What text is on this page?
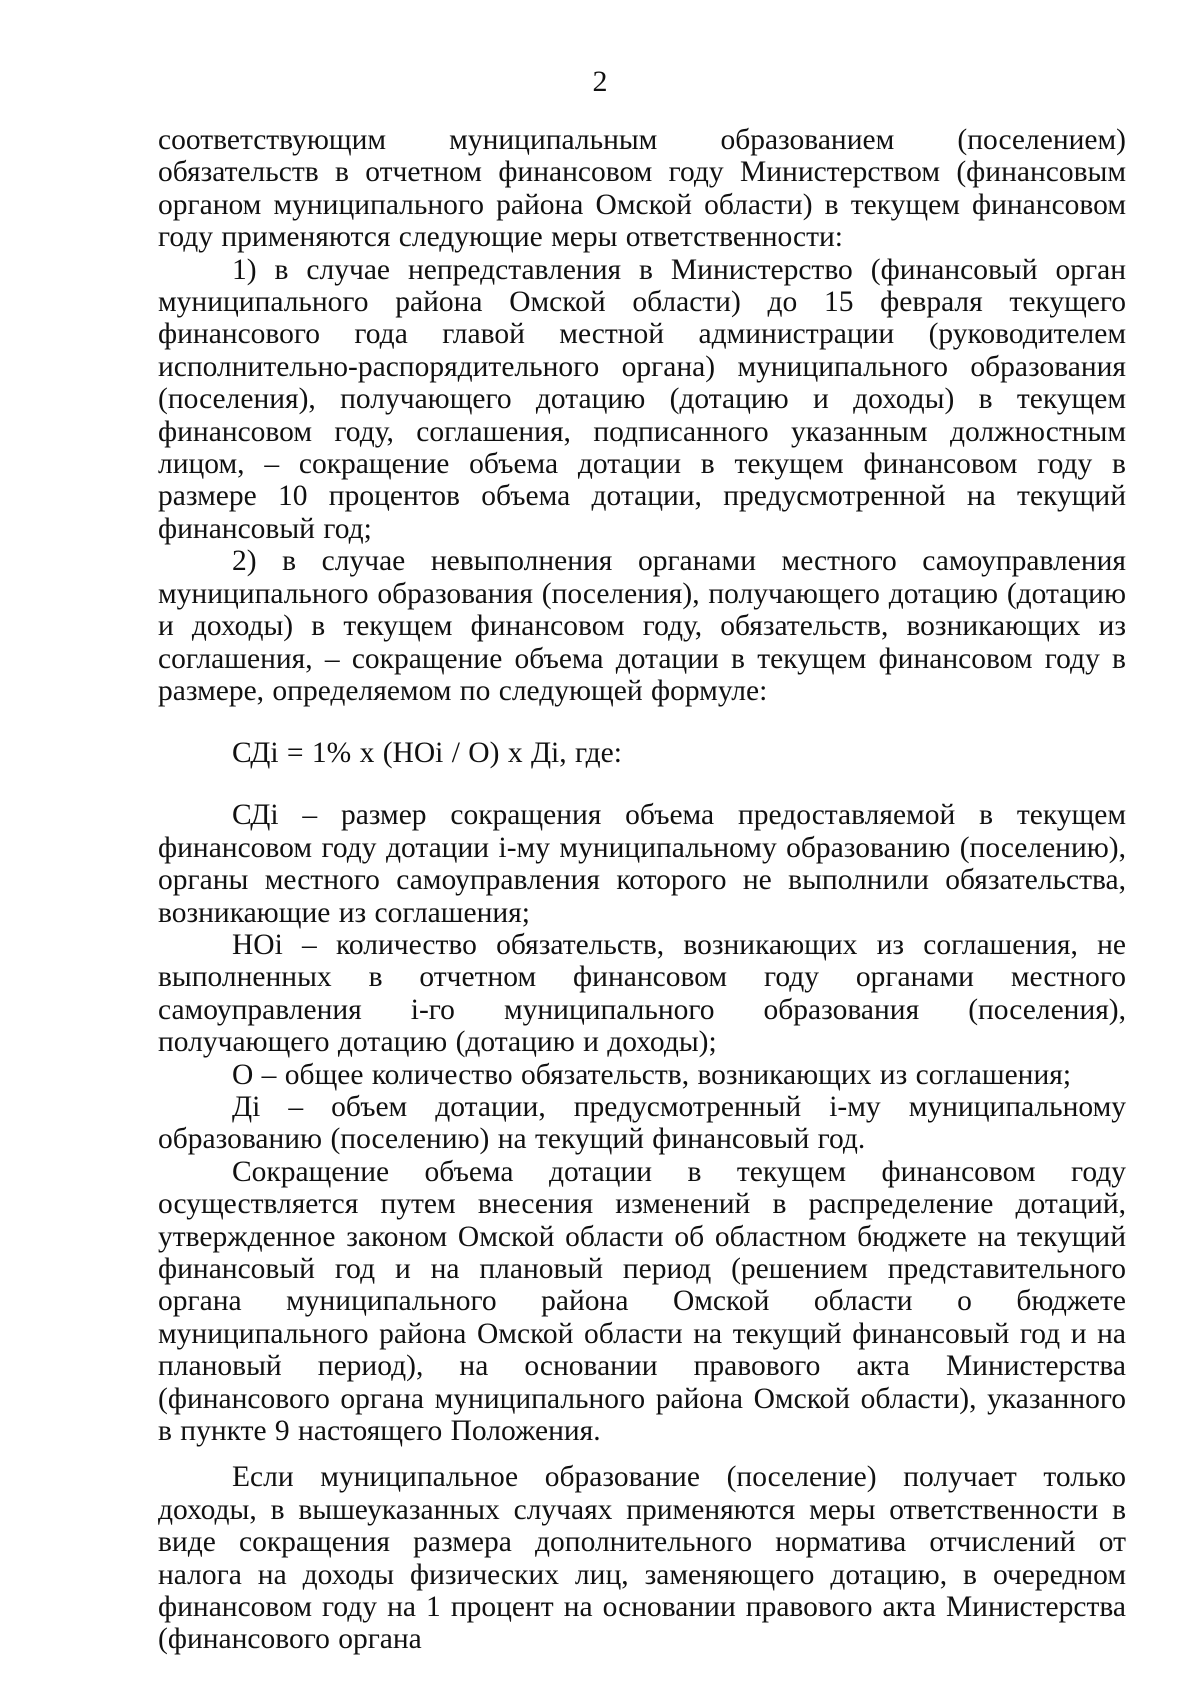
2

соответствующим муниципальным образованием (поселением) обязательств в отчетном финансовом году Министерством (финансовым органом муниципального района Омской области) в текущем финансовом году применяются следующие меры ответственности:

1) в случае непредставления в Министерство (финансовый орган муниципального района Омской области) до 15 февраля текущего финансового года главой местной администрации (руководителем исполнительно-распорядительного органа) муниципального образования (поселения), получающего дотацию (дотацию и доходы) в текущем финансовом году, соглашения, подписанного указанным должностным лицом, – сокращение объема дотации в текущем финансовом году в размере 10 процентов объема дотации, предусмотренной на текущий финансовый год;

2) в случае невыполнения органами местного самоуправления муниципального образования (поселения), получающего дотацию (дотацию и доходы) в текущем финансовом году, обязательств, возникающих из соглашения, – сокращение объема дотации в текущем финансовом году в размере, определяемом по следующей формуле:

СДi = 1% x (НОi / О) x Дi, где:

СДi – размер сокращения объема предоставляемой в текущем финансовом году дотации i-му муниципальному образованию (поселению), органы местного самоуправления которого не выполнили обязательства, возникающие из соглашения;

НОi – количество обязательств, возникающих из соглашения, не выполненных в отчетном финансовом году органами местного самоуправления i-го муниципального образования (поселения), получающего дотацию (дотацию и доходы);

О – общее количество обязательств, возникающих из соглашения;

Дi – объем дотации, предусмотренный i-му муниципальному образованию (поселению) на текущий финансовый год.

Сокращение объема дотации в текущем финансовом году осуществляется путем внесения изменений в распределение дотаций, утвержденное законом Омской области об областном бюджете на текущий финансовый год и на плановый период (решением представительного органа муниципального района Омской области о бюджете муниципального района Омской области на текущий финансовый год и на плановый период), на основании правового акта Министерства (финансового органа муниципального района Омской области), указанного в пункте 9 настоящего Положения.

Если муниципальное образование (поселение) получает только доходы, в вышеуказанных случаях применяются меры ответственности в виде сокращения размера дополнительного норматива отчислений от налога на доходы физических лиц, заменяющего дотацию, в очередном финансовом году на 1 процент на основании правового акта Министерства (финансового органа
